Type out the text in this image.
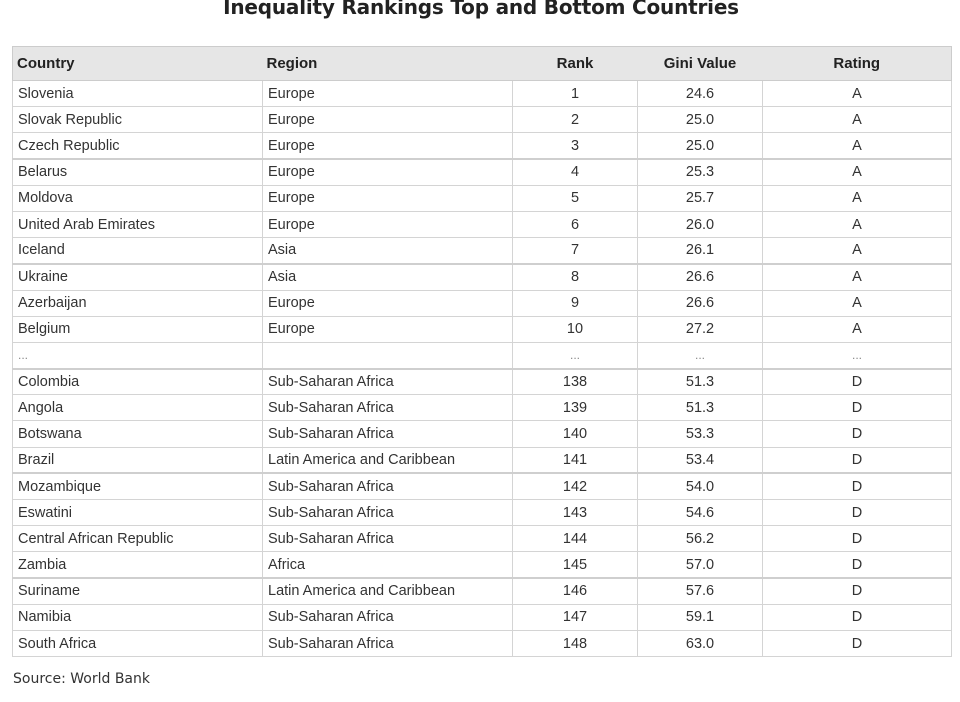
Inequality Rankings Top and Bottom Countries
Country	Region	Rank	Gini Value	Rating
Slovenia	Europe	1	24.6	A
Slovak Republic	Europe	2	25.0	A
Czech Republic	Europe	3	25.0	A
Belarus	Europe	4	25.3	A
Moldova	Europe	5	25.7	A
United Arab Emirates	Europe	6	26.0	A
Iceland	Asia	7	26.1	A
Ukraine	Asia	8	26.6	A
Azerbaijan	Europe	9	26.6	A
Belgium	Europe	10	27.2	A
...		...	...	...
Colombia	Sub-Saharan Africa	138	51.3	D
Angola	Sub-Saharan Africa	139	51.3	D
Botswana	Sub-Saharan Africa	140	53.3	D
Brazil	Latin America and Caribbean	141	53.4	D
Mozambique	Sub-Saharan Africa	142	54.0	D
Eswatini	Sub-Saharan Africa	143	54.6	D
Central African Republic	Sub-Saharan Africa	144	56.2	D
Zambia	Africa	145	57.0	D
Suriname	Latin America and Caribbean	146	57.6	D
Namibia	Sub-Saharan Africa	147	59.1	D
South Africa	Sub-Saharan Africa	148	63.0	D
Source: World Bank
